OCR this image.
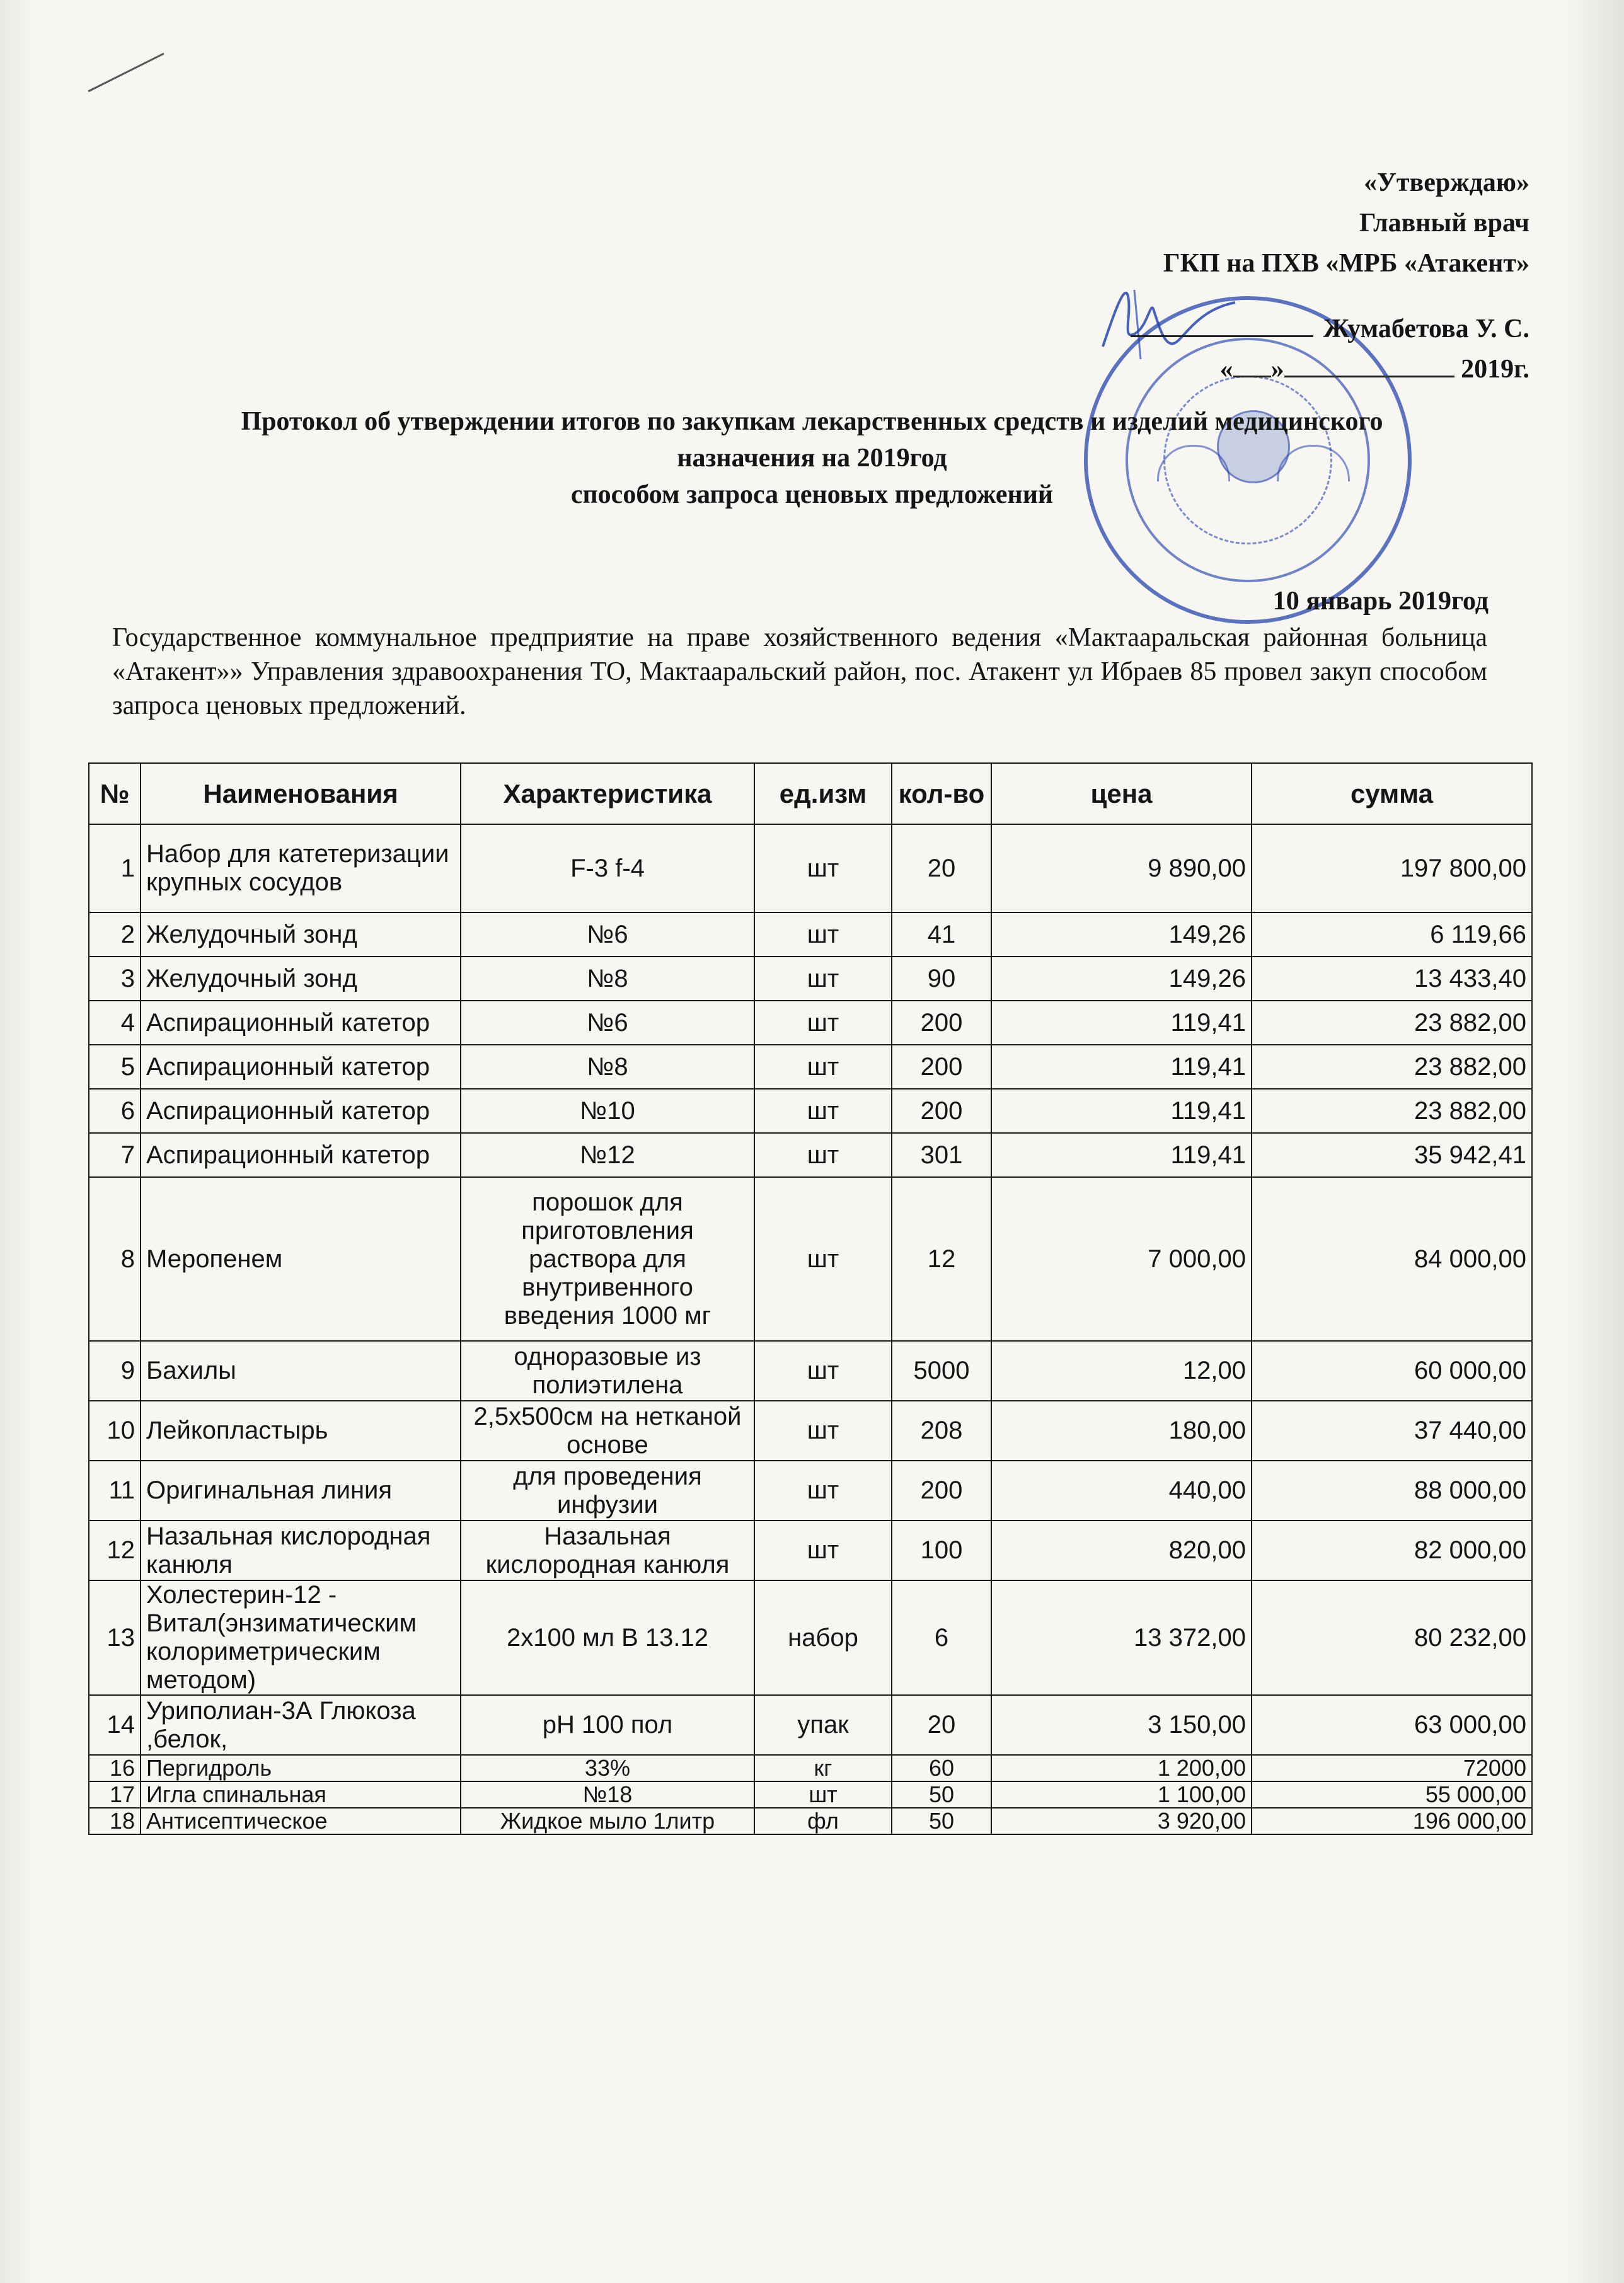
«Утверждаю»
Главный врач
ГКП на ПХВ «МРБ «Атакент»
Жумабетова У. С.
« »	2019г.
Протокол об утверждении итогов по закупкам лекарственных средств и изделий медицинского
назначения на 2019год
способом запроса ценовых предложений
10 январь 2019год
Государственное коммунальное предприятие на праве хозяйственного ведения «Мактааральская районная больница «Атакент»» Управления здравоохранения ТО, Мактааральский район, пос. Атакент ул Ибраев 85 провел закуп способом запроса ценовых предложений.
№	Наименования	Характеристика	ед.изм	кол-во	цена	сумма
1	Набор для катетеризации крупных сосудов	F-3 f-4	шт	20	9 890,00	197 800,00
2	Желудочный зонд	№6	шт	41	149,26	6 119,66
3	Желудочный зонд	№8	шт	90	149,26	13 433,40
4	Аспирационный катетор	№6	шт	200	119,41	23 882,00
5	Аспирационный катетор	№8	шт	200	119,41	23 882,00
6	Аспирационный катетор	№10	шт	200	119,41	23 882,00
7	Аспирационный катетор	№12	шт	301	119,41	35 942,41
8	Меропенем	порошок для приготовления раствора для внутривенного введения 1000 мг	шт	12	7 000,00	84 000,00
9	Бахилы	одноразовые из полиэтилена	шт	5000	12,00	60 000,00
10	Лейкопластырь	2,5х500см на нетканой основе	шт	208	180,00	37 440,00
11	Оригинальная линия	для проведения инфузии	шт	200	440,00	88 000,00
12	Назальная кислородная канюля	Назальная кислородная канюля	шт	100	820,00	82 000,00
13	Холестерин-12 - Витал(энзиматическим колориметрическим методом)	2х100 мл В 13.12	набор	6	13 372,00	80 232,00
14	Уриполиан-3А Глюкоза ,белок,	рН 100 пол	упак	20	3 150,00	63 000,00
16	Пергидроль	33%	кг	60	1 200,00	72000
17	Игла спинальная	№18	шт	50	1 100,00	55 000,00
18	Антисептическое	Жидкое мыло 1литр	фл	50	3 920,00	196 000,00
